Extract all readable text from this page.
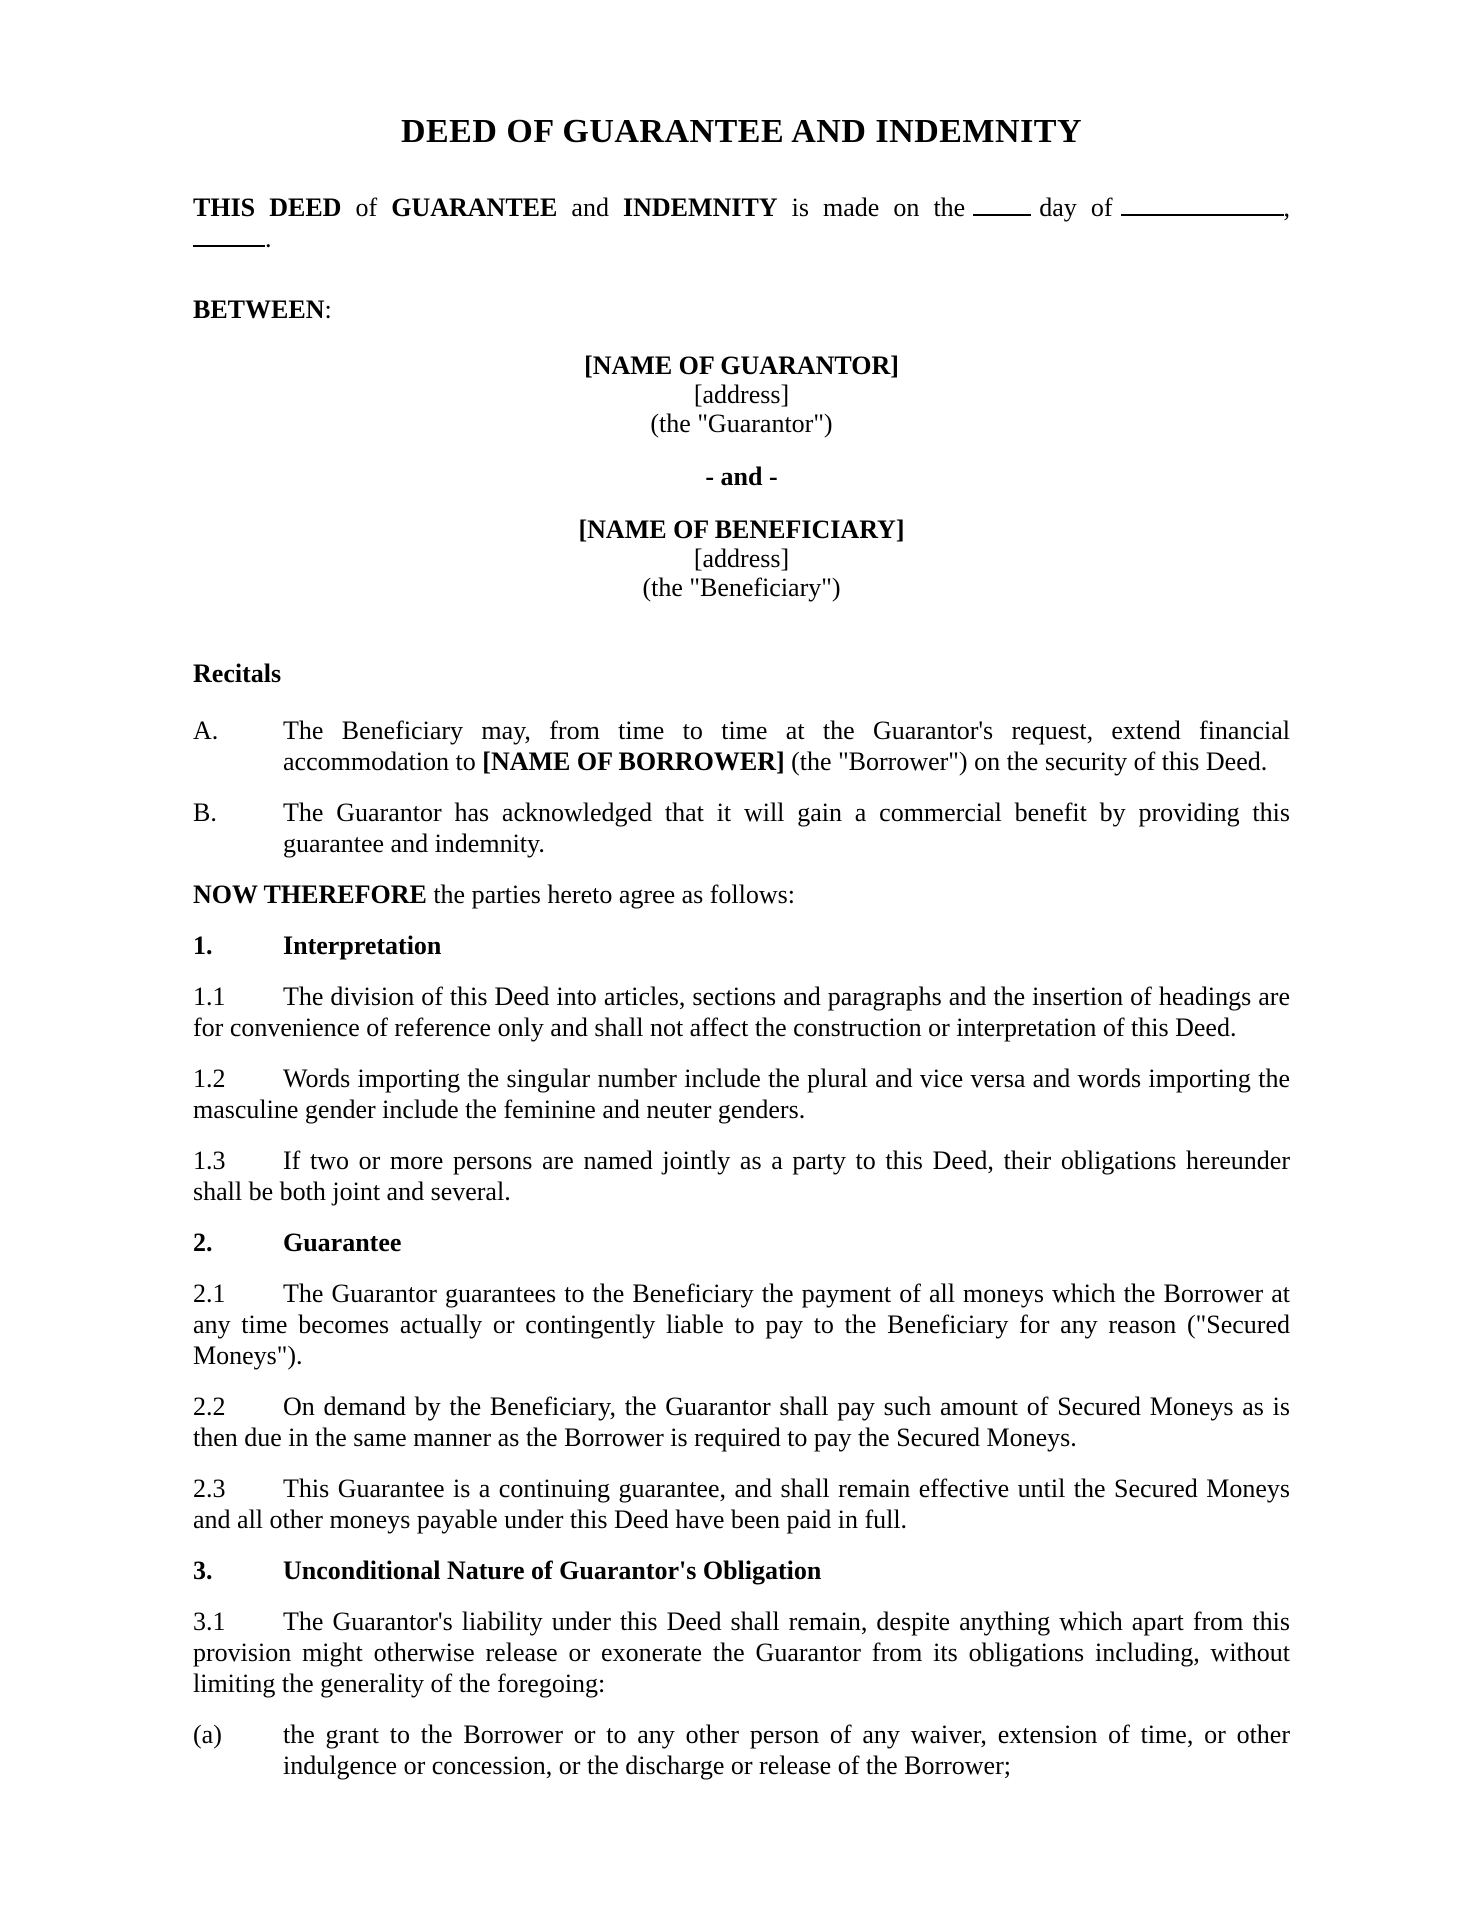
DEED OF GUARANTEE AND INDEMNITY
THIS DEED of GUARANTEE and INDEMNITY is made on the	day of	,
.
BETWEEN:
[NAME OF GUARANTOR]
[address]
(the "Guarantor")
- and -
[NAME OF BENEFICIARY]
[address]
(the "Beneficiary")
Recitals
A.	The Beneficiary may, from time to time at the Guarantor's request, extend financial accommodation to [NAME OF BORROWER] (the "Borrower") on the security of this Deed.
B.	The Guarantor has acknowledged that it will gain a commercial benefit by providing this guarantee and indemnity.
NOW THEREFORE the parties hereto agree as follows:
1.	Interpretation
1.1 The division of this Deed into articles, sections and paragraphs and the insertion of headings are for convenience of reference only and shall not affect the construction or interpretation of this Deed.
1.2 Words importing the singular number include the plural and vice versa and words importing the masculine gender include the feminine and neuter genders.
1.3 If two or more persons are named jointly as a party to this Deed, their obligations hereunder shall be both joint and several.
2.	Guarantee
2.1 The Guarantor guarantees to the Beneficiary the payment of all moneys which the Borrower at any time becomes actually or contingently liable to pay to the Beneficiary for any reason ("Secured Moneys").
2.2 On demand by the Beneficiary, the Guarantor shall pay such amount of Secured Moneys as is then due in the same manner as the Borrower is required to pay the Secured Moneys.
2.3 This Guarantee is a continuing guarantee, and shall remain effective until the Secured Moneys and all other moneys payable under this Deed have been paid in full.
3.	Unconditional Nature of Guarantor's Obligation
3.1 The Guarantor's liability under this Deed shall remain, despite anything which apart from this provision might otherwise release or exonerate the Guarantor from its obligations including, without limiting the generality of the foregoing:
(a)	the grant to the Borrower or to any other person of any waiver, extension of time, or other indulgence or concession, or the discharge or release of the Borrower;
